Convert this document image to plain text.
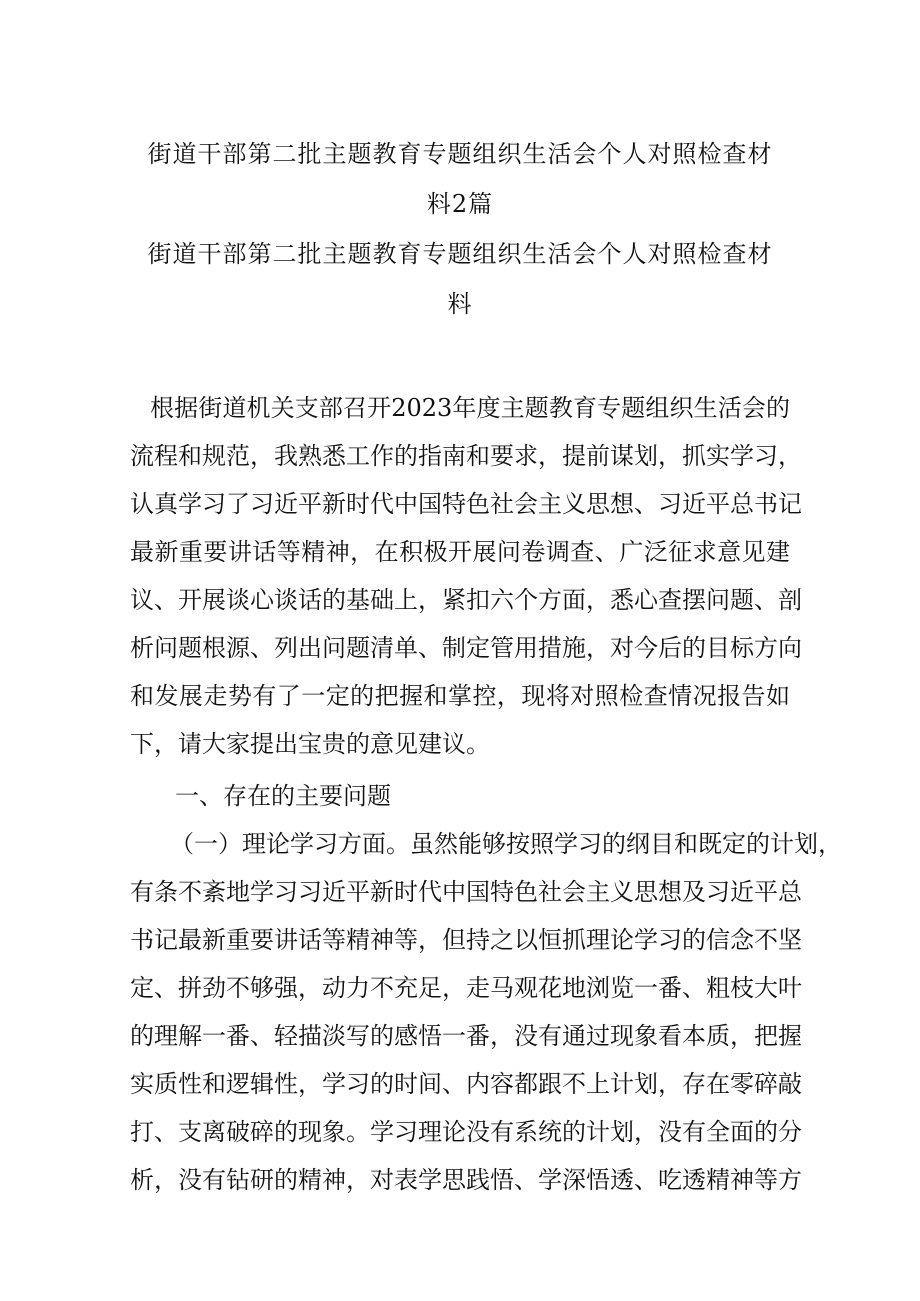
街道干部第二批主题教育专题组织生活会个人对照检查材
料2篇
街道干部第二批主题教育专题组织生活会个人对照检查材
料
根据街道机关支部召开2023年度主题教育专题组织生活会的
流程和规范，我熟悉工作的指南和要求，提前谋划，抓实学习，
认真学习了习近平新时代中国特色社会主义思想、习近平总书记
最新重要讲话等精神，在积极开展问卷调查、广泛征求意见建
议、开展谈心谈话的基础上，紧扣六个方面，悉心查摆问题、剖
析问题根源、列出问题清单、制定管用措施，对今后的目标方向
和发展走势有了一定的把握和掌控，现将对照检查情况报告如
下，请大家提出宝贵的意见建议。
一、存在的主要问题
（一）理论学习方面。虽然能够按照学习的纲目和既定的计划，
有条不紊地学习习近平新时代中国特色社会主义思想及习近平总
书记最新重要讲话等精神等，但持之以恒抓理论学习的信念不坚
定、拼劲不够强，动力不充足，走马观花地浏览一番、粗枝大叶
的理解一番、轻描淡写的感悟一番，没有通过现象看本质，把握
实质性和逻辑性，学习的时间、内容都跟不上计划，存在零碎敲
打、支离破碎的现象。学习理论没有系统的计划，没有全面的分
析，没有钻研的精神，对表学思践悟、学深悟透、吃透精神等方
